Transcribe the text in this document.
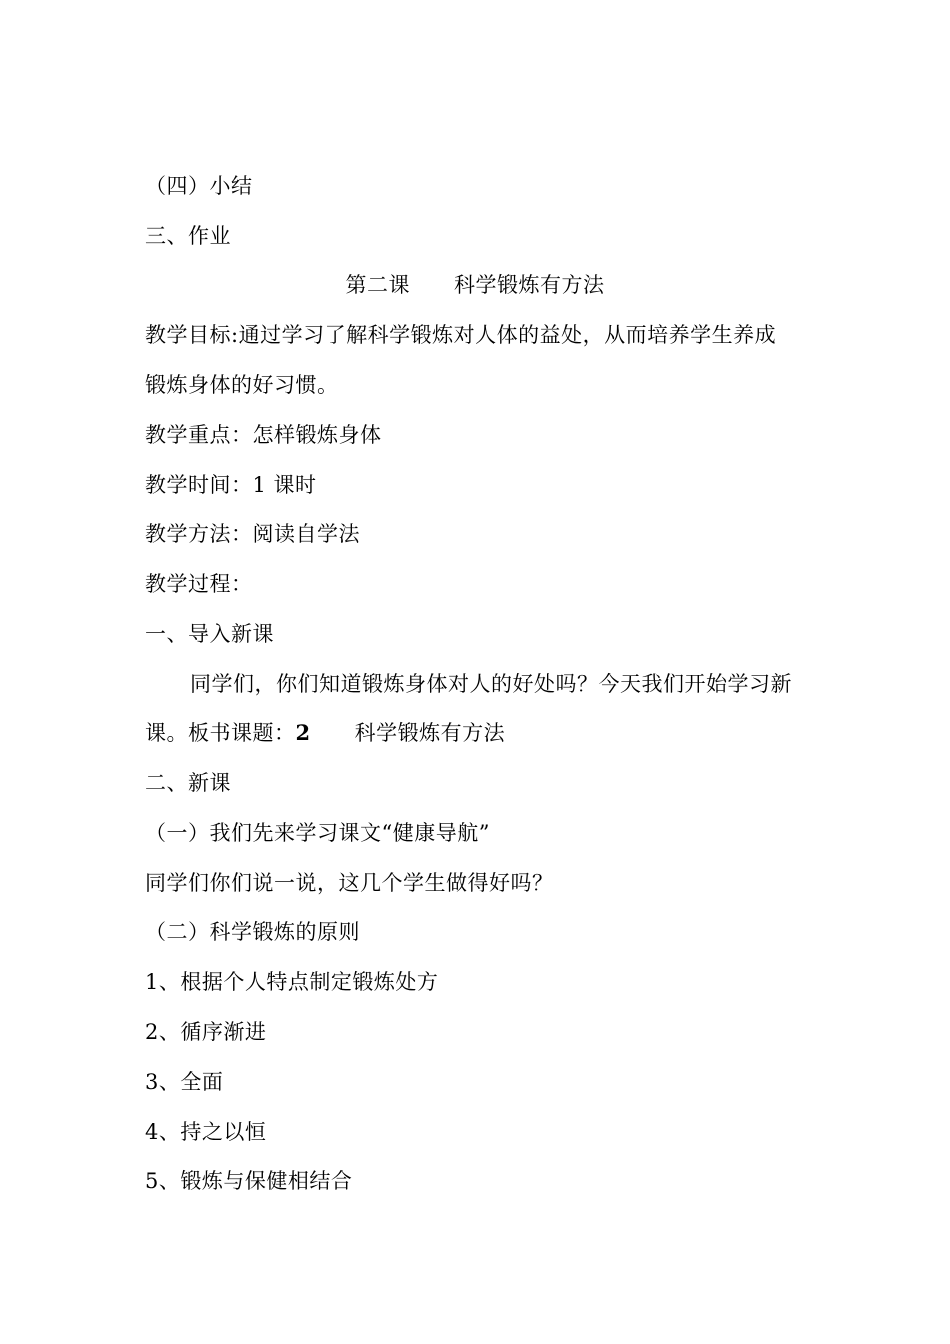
（四）小结
三、作业
第二课 科学锻炼有方法
教学目标:通过学习了解科学锻炼对人体的益处，从而培养学生养成
锻炼身体的好习惯。
教学重点：怎样锻炼身体
教学时间：1 课时
教学方法：阅读自学法
教学过程：
一、导入新课
同学们，你们知道锻炼身体对人的好处吗？今天我们开始学习新
课。板书课题：2 科学锻炼有方法
二、新课
（一）我们先来学习课文“健康导航”
同学们你们说一说，这几个学生做得好吗？
（二）科学锻炼的原则
1、根据个人特点制定锻炼处方
2、循序渐进
3、全面
4、持之以恒
5、锻炼与保健相结合
